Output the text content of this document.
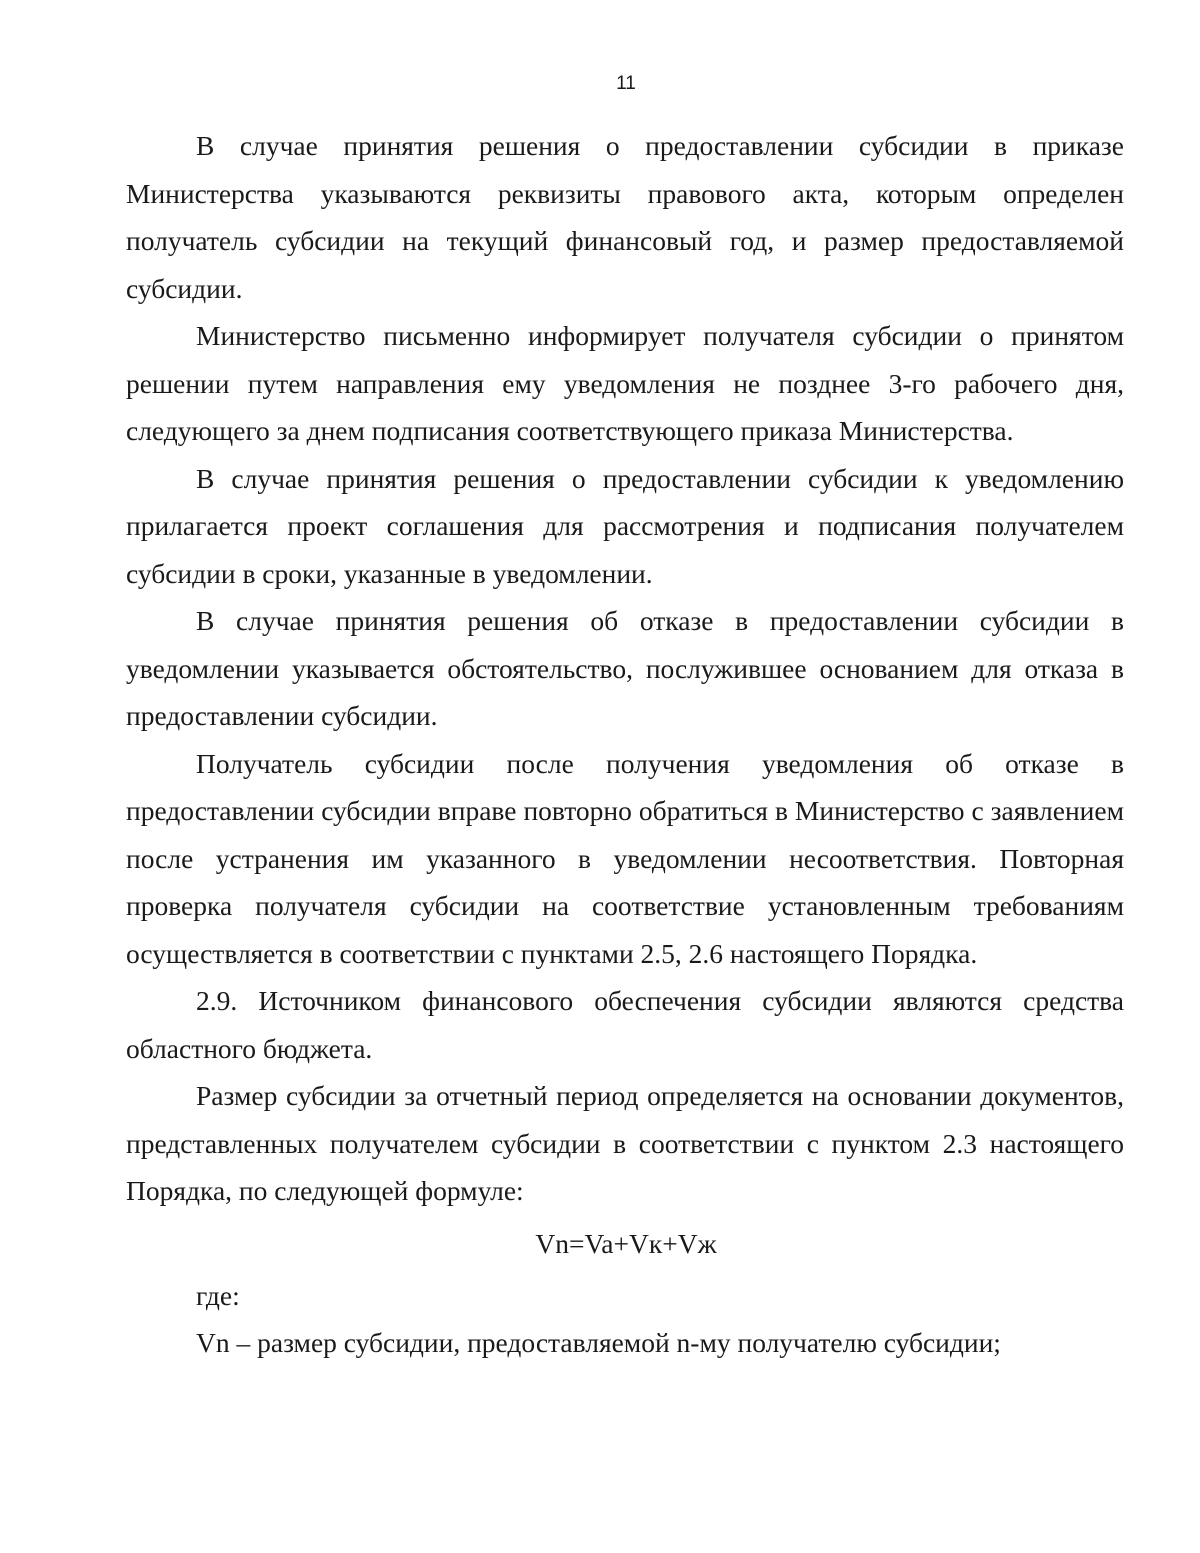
11

В случае принятия решения о предоставлении субсидии в приказе Министерства указываются реквизиты правового акта, которым определен получатель субсидии на текущий финансовый год, и размер предоставляемой субсидии.

Министерство письменно информирует получателя субсидии о принятом решении путем направления ему уведомления не позднее 3-го рабочего дня, следующего за днем подписания соответствующего приказа Министерства.

В случае принятия решения о предоставлении субсидии к уведомлению прилагается проект соглашения для рассмотрения и подписания получателем субсидии в сроки, указанные в уведомлении.

В случае принятия решения об отказе в предоставлении субсидии в уведомлении указывается обстоятельство, послужившее основанием для отказа в предоставлении субсидии.

Получатель субсидии после получения уведомления об отказе в предоставлении субсидии вправе повторно обратиться в Министерство с заявлением после устранения им указанного в уведомлении несоответствия. Повторная проверка получателя субсидии на соответствие установленным требованиям осуществляется в соответствии с пунктами 2.5, 2.6 настоящего Порядка.

2.9. Источником финансового обеспечения субсидии являются средства областного бюджета.

Размер субсидии за отчетный период определяется на основании документов, представленных получателем субсидии в соответствии с пунктом 2.3 настоящего Порядка, по следующей формуле:

Vn=Va+Vк+Vж

где:

Vn – размер субсидии, предоставляемой n-му получателю субсидии;
